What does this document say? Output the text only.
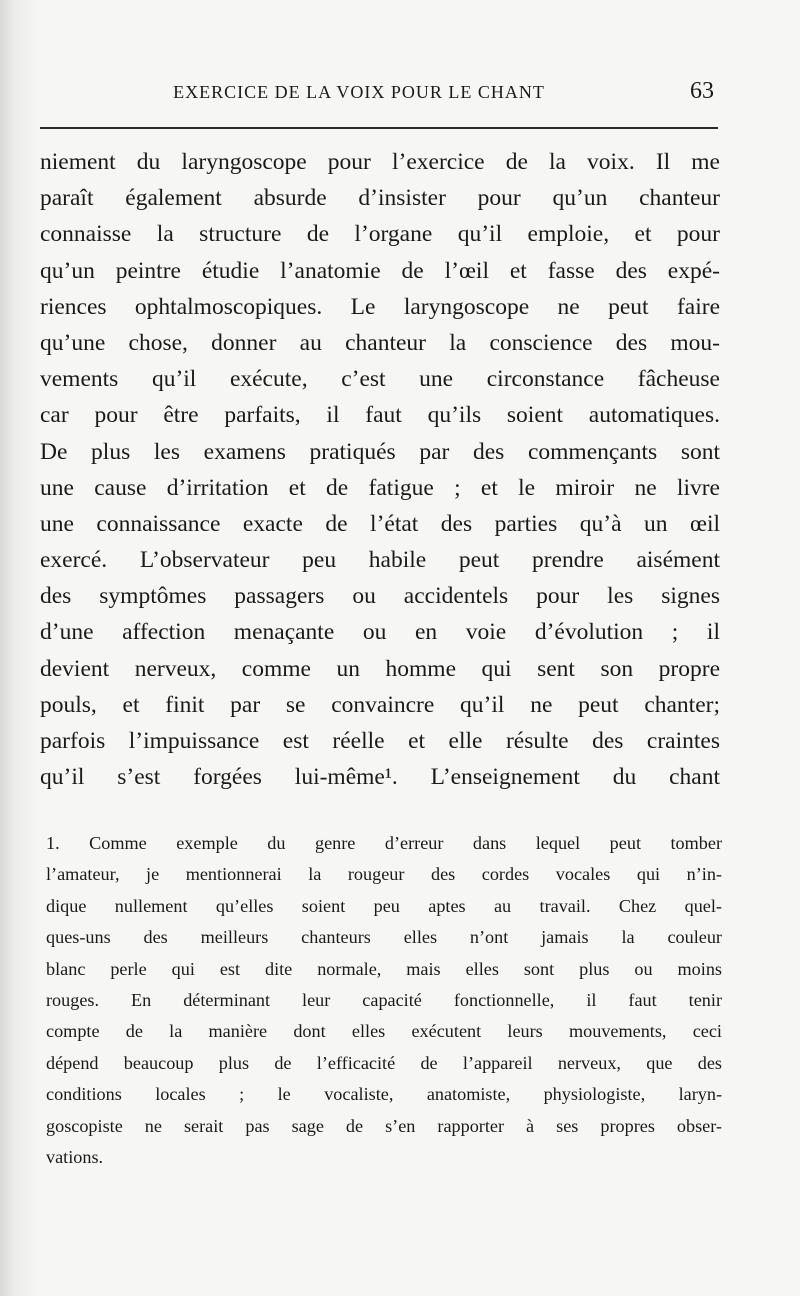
EXERCICE DE LA VOIX POUR LE CHANT	63
niement du laryngoscope pour l’exercice de la voix. Il me
paraît également absurde d’insister pour qu’un chanteur
connaisse la structure de l’organe qu’il emploie, et pour
qu’un peintre étudie l’anatomie de l’œil et fasse des expé-
riences ophtalmoscopiques. Le laryngoscope ne peut faire
qu’une chose, donner au chanteur la conscience des mou-
vements qu’il exécute, c’est une circonstance fâcheuse
car pour être parfaits, il faut qu’ils soient automatiques.
De plus les examens pratiqués par des commençants sont
une cause d’irritation et de fatigue ; et le miroir ne livre
une connaissance exacte de l’état des parties qu’à un œil
exercé. L’observateur peu habile peut prendre aisément
des symptômes passagers ou accidentels pour les signes
d’une affection menaçante ou en voie d’évolution ; il
devient nerveux, comme un homme qui sent son propre
pouls, et finit par se convaincre qu’il ne peut chanter;
parfois l’impuissance est réelle et elle résulte des craintes
qu’il s’est forgées lui-même¹. L’enseignement du chant
1. Comme exemple du genre d’erreur dans lequel peut tomber
l’amateur, je mentionnerai la rougeur des cordes vocales qui n’in-
dique nullement qu’elles soient peu aptes au travail. Chez quel-
ques-uns des meilleurs chanteurs elles n’ont jamais la couleur
blanc perle qui est dite normale, mais elles sont plus ou moins
rouges. En déterminant leur capacité fonctionnelle, il faut tenir
compte de la manière dont elles exécutent leurs mouvements, ceci
dépend beaucoup plus de l’efficacité de l’appareil nerveux, que des
conditions locales ; le vocaliste, anatomiste, physiologiste, laryn-
goscopiste ne serait pas sage de s’en rapporter à ses propres obser-
vations.
